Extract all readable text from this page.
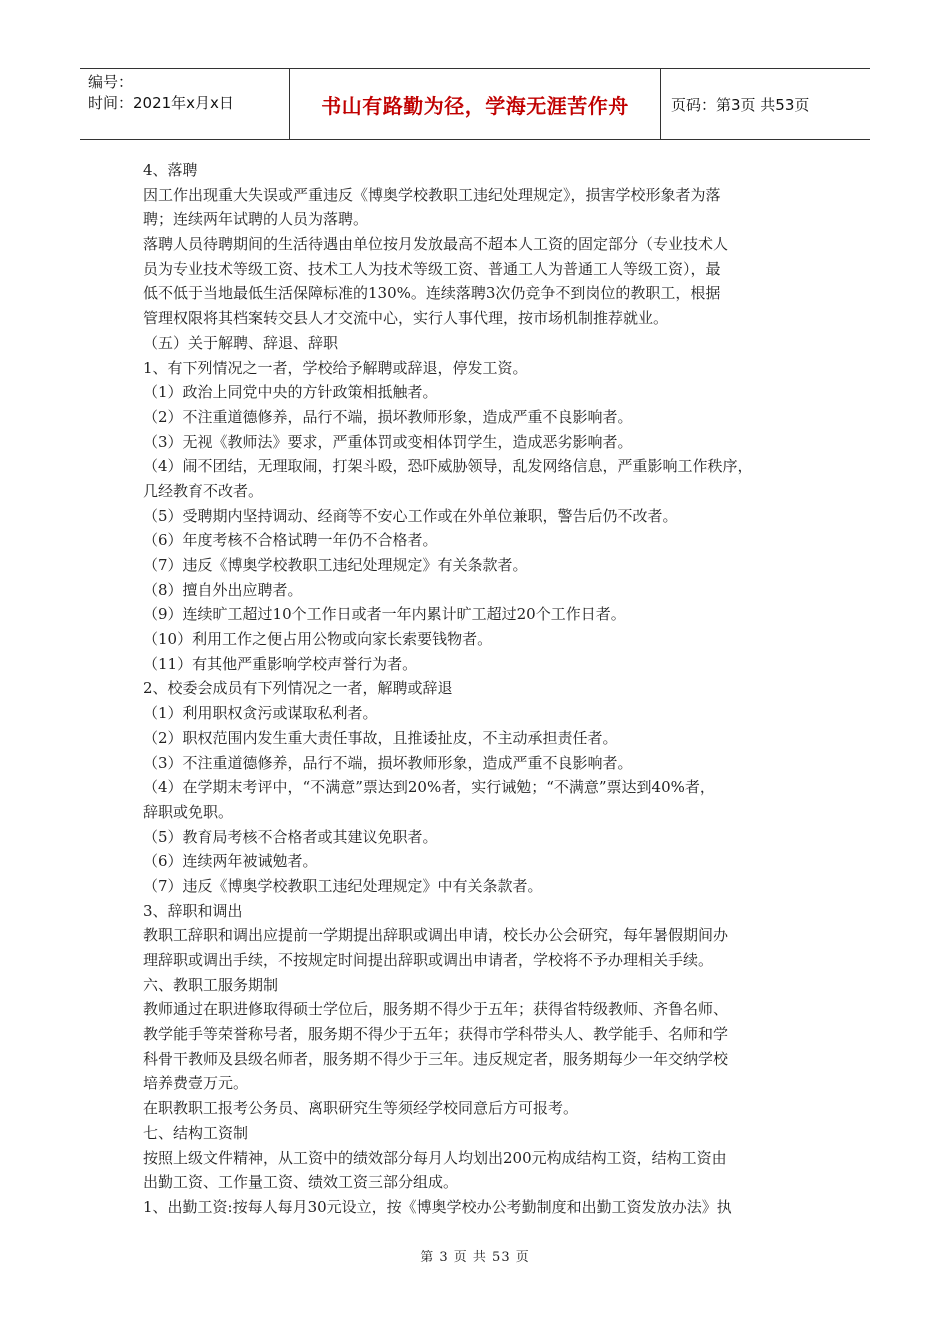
编号：
时间：2021年x月x日	书山有路勤为径，学海无涯苦作舟	页码：第3页 共53页
4、落聘
因工作出现重大失误或严重违反《博奥学校教职工违纪处理规定》，损害学校形象者为落
聘；连续两年试聘的人员为落聘。
落聘人员待聘期间的生活待遇由单位按月发放最高不超本人工资的固定部分（专业技术人
员为专业技术等级工资、技术工人为技术等级工资、普通工人为普通工人等级工资），最
低不低于当地最低生活保障标准的130%。连续落聘3次仍竞争不到岗位的教职工，根据
管理权限将其档案转交县人才交流中心，实行人事代理，按市场机制推荐就业。
（五）关于解聘、辞退、辞职
1、有下列情况之一者，学校给予解聘或辞退，停发工资。
（1）政治上同党中央的方针政策相抵触者。
（2）不注重道德修养，品行不端，损坏教师形象，造成严重不良影响者。
（3）无视《教师法》要求，严重体罚或变相体罚学生，造成恶劣影响者。
（4）闹不团结，无理取闹，打架斗殴，恐吓威胁领导，乱发网络信息，严重影响工作秩序，
几经教育不改者。
（5）受聘期内坚持调动、经商等不安心工作或在外单位兼职，警告后仍不改者。
（6）年度考核不合格试聘一年仍不合格者。
（7）违反《博奥学校教职工违纪处理规定》有关条款者。
（8）擅自外出应聘者。
（9）连续旷工超过10个工作日或者一年内累计旷工超过20个工作日者。
（10）利用工作之便占用公物或向家长索要钱物者。
（11）有其他严重影响学校声誉行为者。
2、校委会成员有下列情况之一者，解聘或辞退
（1）利用职权贪污或谋取私利者。
（2）职权范围内发生重大责任事故，且推诿扯皮，不主动承担责任者。
（3）不注重道德修养，品行不端，损坏教师形象，造成严重不良影响者。
（4）在学期末考评中，“不满意”票达到20%者，实行诫勉；“不满意”票达到40%者，
辞职或免职。
（5）教育局考核不合格者或其建议免职者。
（6）连续两年被诫勉者。
（7）违反《博奥学校教职工违纪处理规定》中有关条款者。
3、辞职和调出
教职工辞职和调出应提前一学期提出辞职或调出申请，校长办公会研究，每年暑假期间办
理辞职或调出手续，不按规定时间提出辞职或调出申请者，学校将不予办理相关手续。
六、教职工服务期制
教师通过在职进修取得硕士学位后，服务期不得少于五年；获得省特级教师、齐鲁名师、
教学能手等荣誉称号者，服务期不得少于五年；获得市学科带头人、教学能手、名师和学
科骨干教师及县级名师者，服务期不得少于三年。违反规定者，服务期每少一年交纳学校
培养费壹万元。
在职教职工报考公务员、离职研究生等须经学校同意后方可报考。
七、结构工资制
按照上级文件精神，从工资中的绩效部分每月人均划出200元构成结构工资，结构工资由
出勤工资、工作量工资、绩效工资三部分组成。
1、出勤工资:按每人每月30元设立，按《博奥学校办公考勤制度和出勤工资发放办法》执
第 3 页 共 53 页
